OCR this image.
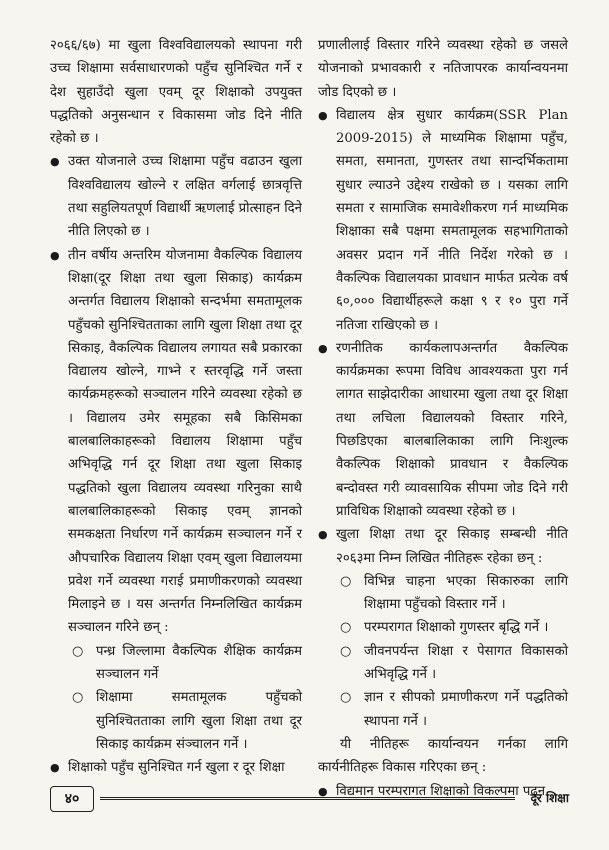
२०६६/६७) मा खुला विश्वविद्यालयको स्थापना गरी उच्च शिक्षामा सर्वसाधारणको पहुँच सुनिश्चित गर्ने र देश सुहाउँदो खुला एवम् दूर शिक्षाको उपयुक्त पद्धतिको अनुसन्धान र विकासमा जोड दिने नीति रहेको छ ।

● उक्त योजनाले उच्च शिक्षामा पहुँच वढाउन खुला विश्वविद्यालय खोल्ने र लक्षित वर्गलाई छात्रवृत्ति तथा सहुलियतपूर्ण विद्यार्थी ऋणलाई प्रोत्साहन दिने नीति लिएको छ ।

● तीन वर्षीय अन्तरिम योजनामा वैकल्पिक विद्यालय शिक्षा(दूर शिक्षा तथा खुला सिकाइ) कार्यक्रम अन्तर्गत विद्यालय शिक्षाको सन्दर्भमा समतामूलक पहुँचको सुनिश्चितताका लागि खुला शिक्षा तथा दूर सिकाइ, वैकल्पिक विद्यालय लगायत सबै प्रकारका विद्यालय खोल्ने, गाभ्ने र स्तरवृद्धि गर्ने जस्ता कार्यक्रमहरूको सञ्चालन गरिने व्यवस्था रहेको छ । विद्यालय उमेर समूहका सबै किसिमका बालबालिकाहरूको विद्यालय शिक्षामा पहुँच अभिवृद्धि गर्न दूर शिक्षा तथा खुला सिकाइ पद्धतिको खुला विद्यालय व्यवस्था गरिनुका साथै बालबालिकाहरूको सिकाइ एवम् ज्ञानको समकक्षता निर्धारण गर्ने कार्यक्रम सञ्चालन गर्ने र औपचारिक विद्यालय शिक्षा एवम् खुला विद्यालयमा प्रवेश गर्ने व्यवस्था गराई प्रमाणीकरणको व्यवस्था मिलाइने छ । यस अन्तर्गत निम्नलिखित कार्यक्रम सञ्चालन गरिने छन् :

○ पन्ध्र जिल्लामा वैकल्पिक शैक्षिक कार्यक्रम सञ्चालन गर्ने

○ शिक्षामा समतामूलक पहुँचको सुनिश्चितताका लागि खुला शिक्षा तथा दूर सिकाइ कार्यक्रम संञ्चालन गर्ने ।

● शिक्षाको पहुँच सुनिश्चित गर्न खुला र दूर शिक्षा

प्रणालीलाई विस्तार गरिने व्यवस्था रहेको छ जसले योजनाको प्रभावकारी र नतिजापरक कार्यान्वयनमा जोड दिएको छ ।

● विद्यालय क्षेत्र सुधार कार्यक्रम(SSR Plan 2009-2015) ले माध्यमिक शिक्षामा पहुँच, समता, समानता, गुणस्तर तथा सान्दर्भिकतामा सुधार ल्याउने उद्देश्य राखेको छ । यसका लागि समता र सामाजिक समावेशीकरण गर्न माध्यमिक शिक्षाका सबै पक्षमा समतामूलक सहभागिताको अवसर प्रदान गर्ने नीति निर्देश गरेको छ । वैकल्पिक विद्यालयका प्रावधान मार्फत प्रत्येक वर्ष ६०,००० विद्यार्थीहरूले कक्षा ९ र १० पुरा गर्ने नतिजा राखिएको छ ।

● रणनीतिक कार्यकलापअन्तर्गत वैकल्पिक कार्यक्रमका रूपमा विविध आवश्यकता पुरा गर्न लागत साझेदारीका आधारमा खुला तथा दूर शिक्षा तथा लचिला विद्यालयको विस्तार गरिने, पिछडिएका बालबालिकाका लागि निःशुल्क वैकल्पिक शिक्षाको प्रावधान र वैकल्पिक बन्दोवस्त गरी व्यावसायिक सीपमा जोड दिने गरी प्राविधिक शिक्षाको व्यवस्था रहेको छ ।

● खुला शिक्षा तथा दूर सिकाइ सम्बन्धी नीति २०६३मा निम्न लिखित नीतिहरू रहेका छन् :

○ विभिन्न चाहना भएका सिकारुका लागि शिक्षामा पहुँचको विस्तार गर्ने ।

○ परम्परागत शिक्षाको गुणस्तर बृद्धि गर्ने ।

○ जीवनपर्यन्त शिक्षा र पेसागत विकासको अभिवृद्धि गर्ने ।

○ ज्ञान र सीपको प्रमाणीकरण गर्ने पद्धतिको स्थापना गर्ने ।

यी नीतिहरू कार्यान्वयन गर्नका लागि कार्यनीतिहरू विकास गरिएका छन् :

● विद्यमान परम्परागत शिक्षाको विकल्पमा पढ्न

४०	दूर शिक्षा
